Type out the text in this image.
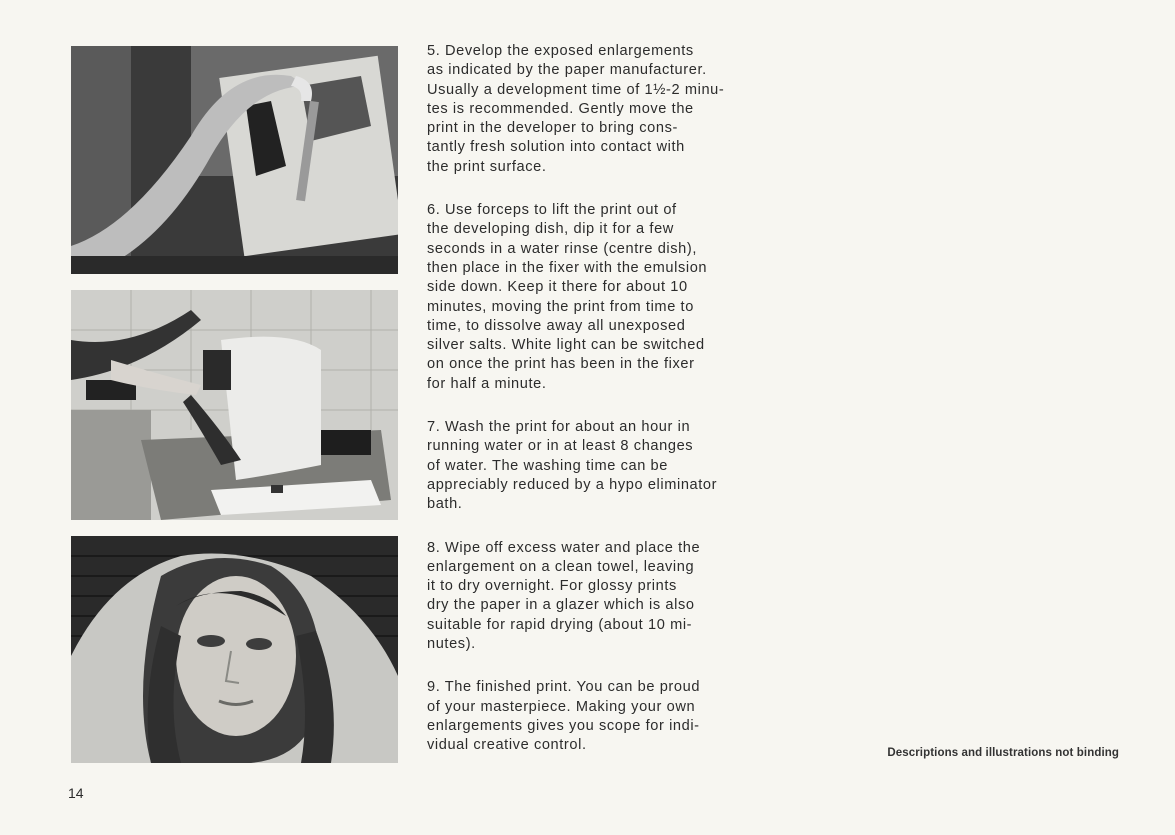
5. Develop the exposed enlargements
as indicated by the paper manufacturer.
Usually a development time of 1½-2 minu-
tes is recommended. Gently move the
print in the developer to bring cons-
tantly fresh solution into contact with
the print surface.

6. Use forceps to lift the print out of
the developing dish, dip it for a few
seconds in a water rinse (centre dish),
then place in the fixer with the emulsion
side down. Keep it there for about 10
minutes, moving the print from time to
time, to dissolve away all unexposed
silver salts. White light can be switched
on once the print has been in the fixer
for half a minute.

7. Wash the print for about an hour in
running water or in at least 8 changes
of water. The washing time can be
appreciably reduced by a hypo eliminator
bath.

8. Wipe off excess water and place the
enlargement on a clean towel, leaving
it to dry overnight. For glossy prints
dry the paper in a glazer which is also
suitable for rapid drying (about 10 mi-
nutes).

9. The finished print. You can be proud
of your masterpiece. Making your own
enlargements gives you scope for indi-
vidual creative control.	Descriptions and illustrations not binding
14
